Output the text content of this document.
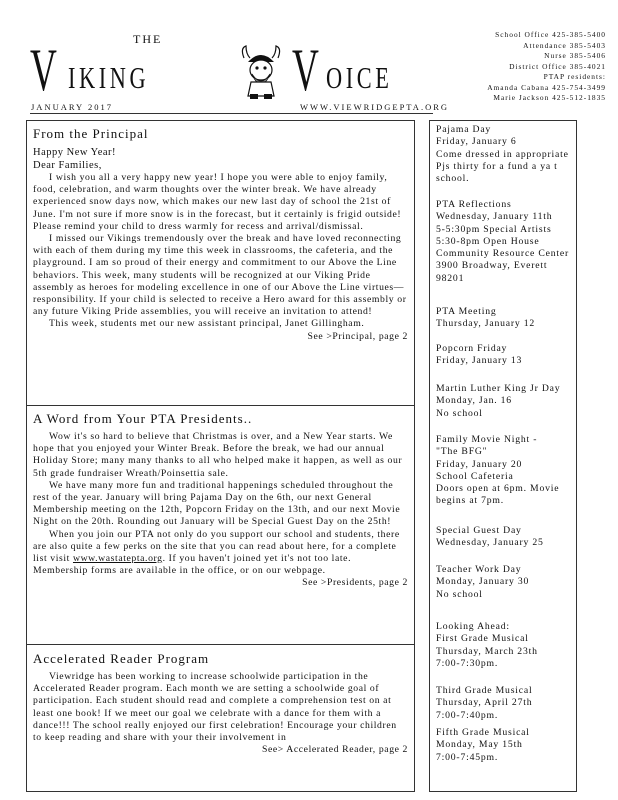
THE
V IKING V OICE
School Office 425-385-5400
Attendance 385-5403
Nurse 385-5406
District Office 385-4021
PTAP residents:
Amanda Cabana 425-754-3499
Marie Jackson 425-512-1835
JANUARY 2017	WWW.VIEWRIDGEPTA.ORG
From the Principal
Happy New Year!
Dear Families,

I wish you all a very happy new year! I hope you were able to enjoy family, food, celebration, and warm thoughts over the winter break. We have already experienced snow days now, which makes our new last day of school the 21st of June. I'm not sure if more snow is in the forecast, but it certainly is frigid outside! Please remind your child to dress warmly for recess and arrival/dismissal.

I missed our Vikings tremendously over the break and have loved reconnecting with each of them during my time this week in classrooms, the cafeteria, and the playground. I am so proud of their energy and commitment to our Above the Line behaviors. This week, many students will be recognized at our Viking Pride assembly as heroes for modeling excellence in one of our Above the Line virtues—responsibility. If your child is selected to receive a Hero award for this assembly or any future Viking Pride assemblies, you will receive an invitation to attend!

This week, students met our new assistant principal, Janet Gillingham.

See >Principal, page 2
A Word from Your PTA Presidents..

Wow it's so hard to believe that Christmas is over, and a New Year starts. We hope that you enjoyed your Winter Break. Before the break, we had our annual Holiday Store; many many thanks to all who helped make it happen, as well as our 5th grade fundraiser Wreath/Poinsettia sale.

We have many more fun and traditional happenings scheduled throughout the rest of the year. January will bring Pajama Day on the 6th, our next General Membership meeting on the 12th, Popcorn Friday on the 13th, and our next Movie Night on the 20th. Rounding out January will be Special Guest Day on the 25th!

When you join our PTA not only do you support our school and students, there are also quite a few perks on the site that you can read about here, for a complete list visit www.wastatepta.org. If you haven't joined yet it's not too late. Membership forms are available in the office, or on our webpage.

See >Presidents, page 2
Accelerated Reader Program

Viewridge has been working to increase schoolwide participation in the Accelerated Reader program. Each month we are setting a schoolwide goal of participation. Each student should read and complete a comprehension test on at least one book! If we meet our goal we celebrate with a dance for them with a dance!!! The school really enjoyed our first celebration! Encourage your children to keep reading and share with your their involvement in

See> Accelerated Reader, page 2
Pajama Day
Friday, January 6
Come dressed in appropriate
Pjs thirty for a fund a ya t
school.
PTA Reflections
Wednesday, January 11th
5-5:30pm Special Artists
5:30-8pm Open House
Community Resource Center
3900 Broadway, Everett
98201
PTA Meeting
Thursday, January 12
Popcorn Friday
Friday, January 13
Martin Luther King Jr Day
Monday, Jan. 16
No school
Family Movie Night -
"The BFG"
Friday, January 20
School Cafeteria
Doors open at 6pm. Movie
begins at 7pm.
Special Guest Day
Wednesday, January 25
Teacher Work Day
Monday, January 30
No school
Looking Ahead:
First Grade Musical
Thursday, March 23th
7:00-7:30pm.
Third Grade Musical
Thursday, April 27th
7:00-7:40pm.
Fifth Grade Musical
Monday, May 15th
7:00-7:45pm.
